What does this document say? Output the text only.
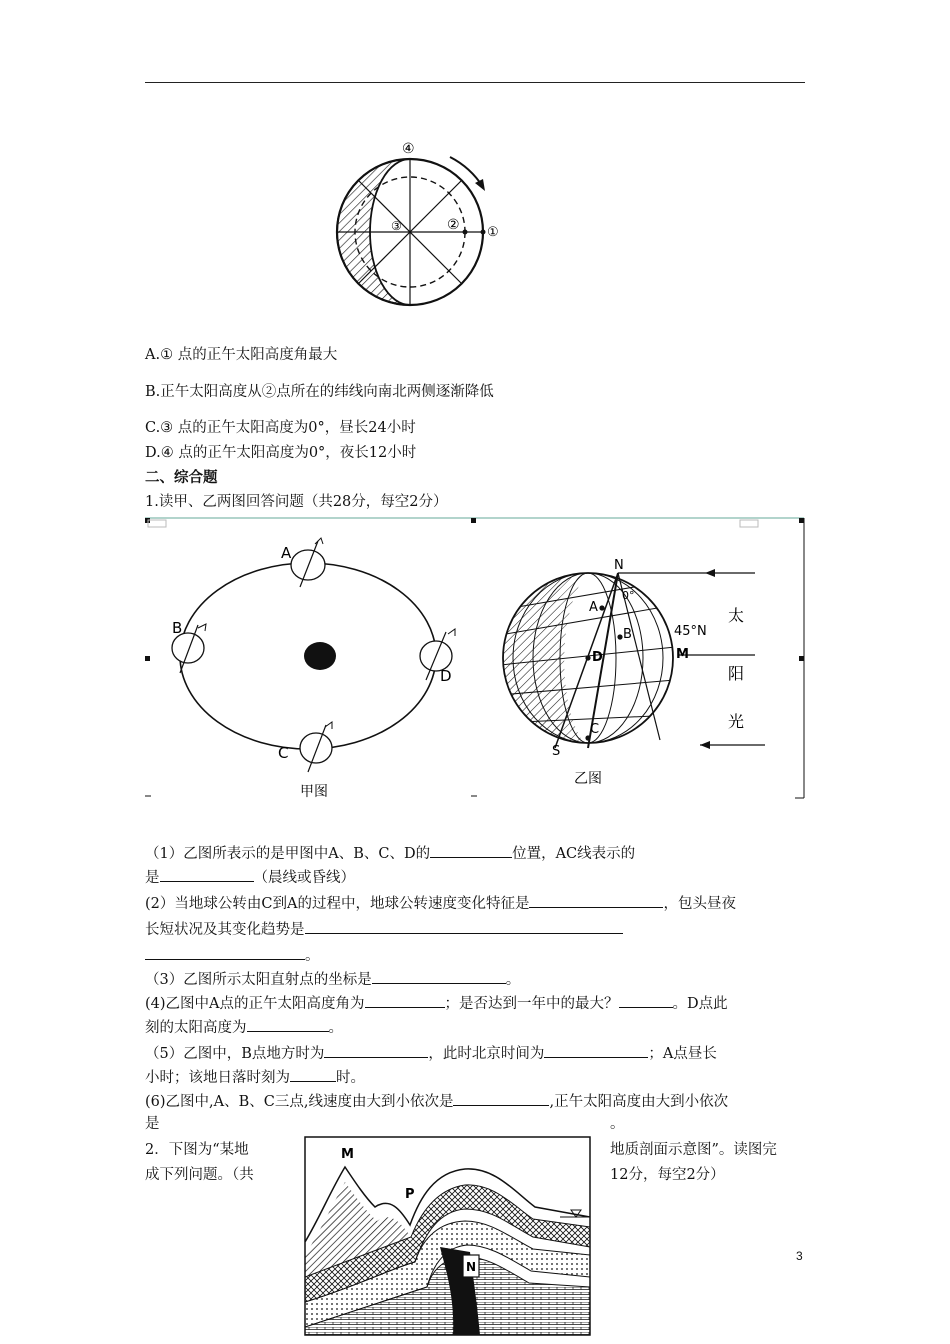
④
③	② ①
A.① 点的正午太阳高度角最大
B.正午太阳高度从②点所在的纬线向南北两侧逐渐降低
C.③ 点的正午太阳高度为0°，昼长24小时
D.④ 点的正午太阳高度为0°，夜长12小时
二、综合题
1.读甲、乙两图回答问题（共28分，每空2分）
A
B
D
C
甲图
N
0°
A
B
D
C
S
45°N
M
太
阳
光
乙图
（1）乙图所表示的是甲图中A、B、C、D的	位置，AC线表示的
是	（晨线或昏线）
(2）当地球公转由C到A的过程中，地球公转速度变化特征是	，包头昼夜
长短状况及其变化趋势是
。
（3）乙图所示太阳直射点的坐标是	。
(4)乙图中A点的正午太阳高度角为	；是否达到一年中的最大？	。D点此
刻的太阳高度为	。
（5）乙图中，B点地方时为	，此时北京时间为	；A点昼长
小时；该地日落时刻为	时。
(6)乙图中,A、B、C三点,线速度由大到小依次是	,正午太阳高度由大到小依次
是	。
2．下图为“某地
成下列问题。（共
地质剖面示意图”。读图完
12分，每空2分）
M
P
N
3
